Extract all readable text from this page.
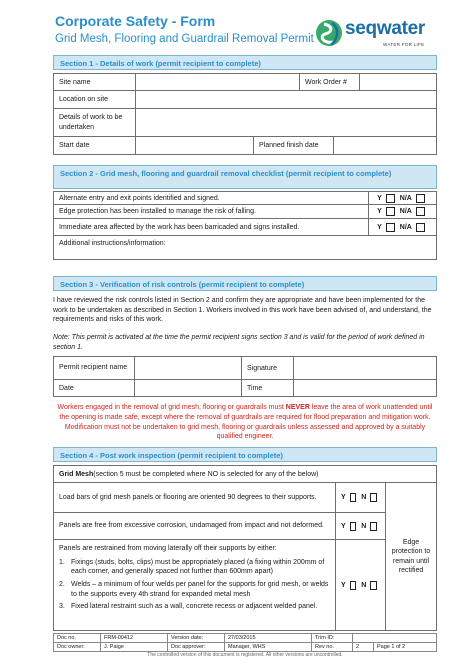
Corporate Safety - Form
Grid Mesh, Flooring and Guardrail Removal Permit seqwater
WATER FOR LIFE
Section 1 - Details of work (permit recipient to complete)
Site name	Work Order #
Location on site
Details of work to be undertaken
Start date	Planned finish date
Section 2 - Grid mesh, flooring and guardrail removal checklist (permit recipient to complete)
Alternate entry and exit points identified and signed.	Y	N/A
Edge protection has been installed to manage the risk of falling.	Y	N/A
Immediate area affected by the work has been barricaded and signs installed.	Y	N/A
Additional instructions/information:
Section 3 - Verification of risk controls (permit recipient to complete)
I have reviewed the risk controls listed in Section 2 and confirm they are appropriate and have been implemented for the work to be undertaken as described in Section 1. Workers involved in this work have been advised of, and understand, the requirements and risks of this work.
Note: This permit is activated at the time the permit recipient signs section 3 and is valid for the period of work defined in section 1.
Permit recipient name	Signature
Date	Time
Workers engaged in the removal of grid mesh, flooring or guardrails must NEVER leave the area of work unattended until the opening is made safe, except where the removal of guardrails are required for flood preparation and mitigation work. Modification must not be undertaken to grid mesh, flooring or guardrails unless assessed and approved by a suitably qualified engineer.
Section 4 - Post work inspection (permit recipient to complete)
Grid Mesh (section 5 must be completed where NO is selected for any of the below)
Load bars of grid mesh panels or flooring are oriented 90 degrees to their supports.	Y N
Panels are free from excessive corrosion, undamaged from impact and not deformed.	Y N
Panels are restrained from moving laterally off their supports by either:
1. Fixings (studs, bolts, clips) must be appropriately placed (a fixing within 200mm of each corner, and generally spaced not further than 600mm apart)
2. Welds – a minimum of four welds per panel for the supports for grid mesh, or welds to the supports every 4th strand for expanded metal mesh
3. Fixed lateral restraint such as a wall, concrete recess or adjacent welded panel.
Y N
Edge protection to remain until rectified
Doc no.	FRM-00412	Version date:	27/03/2015	Trim ID:		
Doc owner:	J. Paige	Doc approver:	Manager, WHS	Rev no.	2	Page 1 of 2
The controlled version of this document is registered. All other versions are uncontrolled.
